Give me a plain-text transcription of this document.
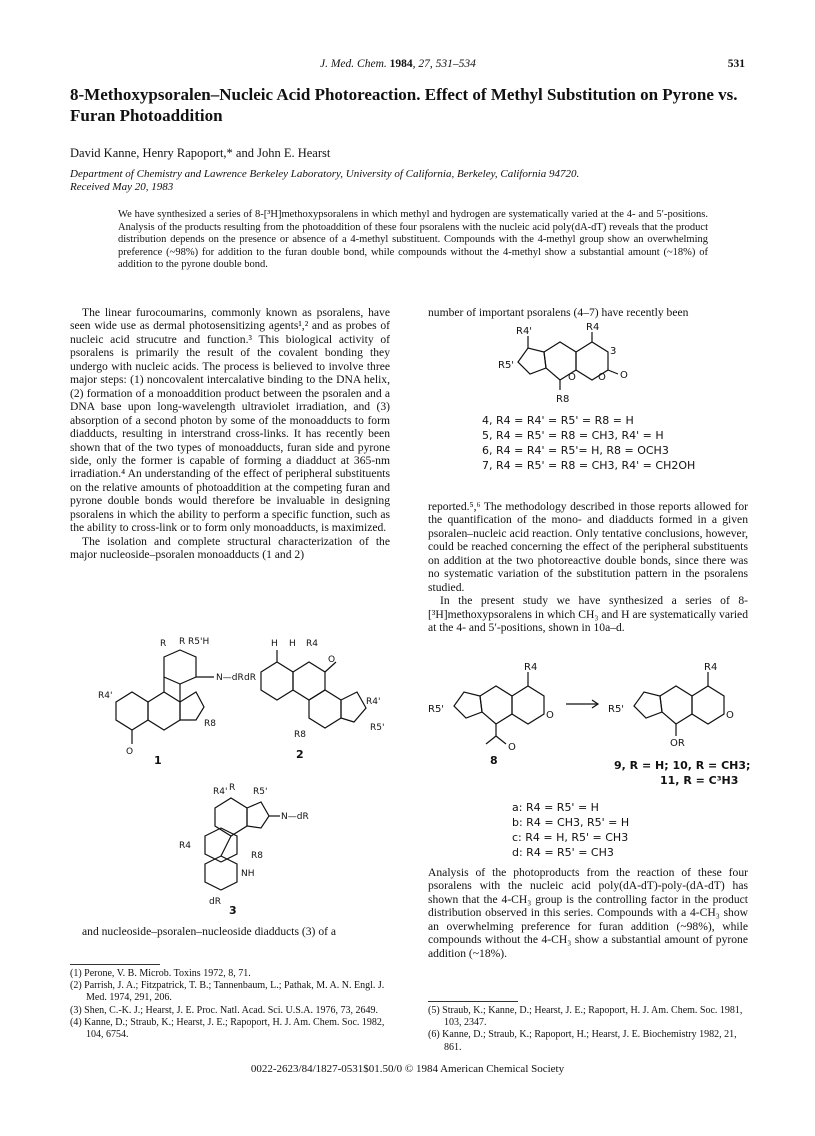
J. Med. Chem. 1984, 27, 531–534	531
8-Methoxypsoralen–Nucleic Acid Photoreaction. Effect of Methyl Substitution on Pyrone vs. Furan Photoaddition
David Kanne, Henry Rapoport,* and John E. Hearst
Department of Chemistry and Lawrence Berkeley Laboratory, University of California, Berkeley, California 94720.
Received May 20, 1983
We have synthesized a series of 8-[³H]methoxypsoralens in which methyl and hydrogen are systematically varied at the 4- and 5′-positions. Analysis of the products resulting from the photoaddition of these four psoralens with the nucleic acid poly(dA-dT) reveals that the product distribution depends on the presence or absence of a 4-methyl substituent. Compounds with the 4-methyl group show an overwhelming preference (~98%) for addition to the furan double bond, while compounds without the 4-methyl show a substantial amount (~18%) of addition to the pyrone double bond.

The linear furocoumarins, commonly known as psoralens, have seen wide use as dermal photosensitizing agents¹,² and as probes of nucleic acid strucutre and function.³ This biological activity of psoralens is primarily the result of the covalent bonding they undergo with nucleic acids. The process is believed to involve three major steps: (1) noncovalent intercalative binding to the DNA helix, (2) formation of a monoaddition product between the psoralen and a DNA base upon long-wavelength ultraviolet irradiation, and (3) absorption of a second photon by some of the monoadducts to form diadducts, resulting in interstrand cross-links. It has recently been shown that of the two types of monoadducts, furan side and pyrone side, only the former is capable of forming a diadduct at 365-nm irradiation.⁴ An understanding of the effect of peripheral substituents on the relative amounts of photoaddition at the competing furan and pyrone double bonds would therefore be invaluable in designing psoralens in which the ability to perform a specific function, such as the ability to cross-link or to form only monoadducts, is maximized.

The isolation and complete structural characterization of the major nucleoside–psoralen monoadducts (1 and 2)

R R R5'H
N—dR
R4'
R8
O
H H R4
dR
R4'
R5'
R8
O
1	2
R4' R R5'
N—dR
R4
R8
NH
dR
3

and nucleoside–psoralen–nucleoside diadducts (3) of a

(1) Perone, V. B. Microb. Toxins 1972, 8, 71.
(2) Parrish, J. A.; Fitzpatrick, T. B.; Tannenbaum, L.; Pathak, M. A. N. Engl. J. Med. 1974, 291, 206.
(3) Shen, C.-K. J.; Hearst, J. E. Proc. Natl. Acad. Sci. U.S.A. 1976, 73, 2649.
(4) Kanne, D.; Straub, K.; Hearst, J. E.; Rapoport, H. J. Am. Chem. Soc. 1982, 104, 6754.

number of important psoralens (4–7) have recently been

R4'	R4
R5'
3
R8
O O O
4, R4 = R4' = R5' = R8 = H
5, R4 = R5' = R8 = CH3, R4' = H
6, R4 = R4' = R5'= H, R8 = OCH3
7, R4 = R5' = R8 = CH3, R4' = CH2OH

reported.⁵,⁶ The methodology described in those reports allowed for the quantification of the mono- and diadducts formed in a given psoralen–nucleic acid reaction. Only tentative conclusions, however, could be reached concerning the effect of the peripheral substituents on addition at the two photoreactive double bonds, since there was no systematic variation of the substitution pattern in the psoralens studied.

In the present study we have synthesized a series of 8-[³H]methoxypsoralens in which CH₃ and H are systematically varied at the 4- and 5′-positions, shown in 10a–d.

R4
R5'
O
O
R4
R5'
O
OR
8	9, R = H; 10, R = CH3;
11, R = C³H3
a: R4 = R5' = H
b: R4 = CH3, R5' = H
c: R4 = H, R5' = CH3
d: R4 = R5' = CH3

Analysis of the photoproducts from the reaction of these four psoralens with the nucleic acid poly(dA-dT)-poly-(dA-dT) has shown that the 4-CH₃ group is the controlling factor in the product distribution observed in this series. Compounds with a 4-CH₃ show an overwhelming preference for furan addition (~98%), while compounds without the 4-CH₃ show a substantial amount of pyrone addition (~18%).

(5) Straub, K.; Kanne, D.; Hearst, J. E.; Rapoport, H. J. Am. Chem. Soc. 1981, 103, 2347.
(6) Kanne, D.; Straub, K.; Rapoport, H.; Hearst, J. E. Biochemistry 1982, 21, 861.
0022-2623/84/1827-0531$01.50/0 © 1984 American Chemical Society
